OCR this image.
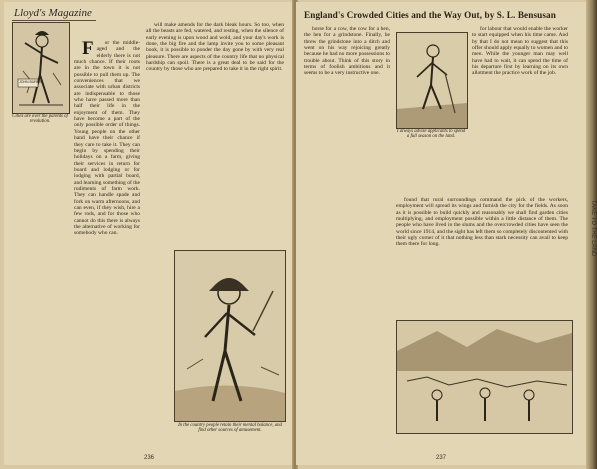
Lloyd's Magazine
JOHN BURNS
Cities are over the parents of revolution.

F or the middle-aged and the elderly there is not much chance. If their roots are in the town it is not possible to pull them up. The conveniences that we associate with urban districts are indispensable to those who have passed more than half their life in the enjoyment of them. They have become a part of the only possible order of things. Young people on the other hand have their chance if they care to take it. They can begin by spending their holidays on a farm, giving their services in return for board and lodging or for lodging with partial board, and learning something of the rudiments of farm work. They can handle spade and fork on warm afternoons, and can even, if they wish, hire a few rods, and for those who cannot do this there is always the alternative of working for somebody who can.

will make amends for the dark bleak hours. So too, when all the beasts are fed, watered, and resting, when the silence of early evening is upon wood and wold, and your day's work is done, the big fire and the lamp invite you to some pleasant book, it is possible to ponder the day gone by with very real pleasure. There are aspects of the country life that no physical hardship can spoil. There is a great deal to be said for the country by those who are prepared to take it in the right spirit.

In the country people retain their mental balance, and find other sources of amusement.
236
England's Crowded Cities and the Way Out, by S. L. Bensusan

horse for a cow, the cow for a hen, the hen for a grindstone. Finally, he threw the grindstone into a ditch and went on his way rejoicing greatly because he had no more possessions to trouble about. Think of this story in terms of foolish ambitions and it seems to be a very instructive one.

I always advise applicants to spend a full season on the land.

for labour that would enable the worker to start equipped when his time came. And by that I do not mean to suggest that this offer should apply equally to women and to men. While the younger man may well have had to wait, it can spend the time of his departure first by learning on its own allotment the practice work of the job.

found that rural surroundings command the pick of the workers, employment will spread its wings and furnish the city for the fields. As soon as it is possible to build quickly and reasonably we shall find garden cities multiplying, and employment possible within a little distance of them. The people who have lived in the slums and the overcrowded cities have seen the world since 1914, and the sight has left them so completely discontented with their ugly corner of it that nothing less than stark necessity can avail to keep them there for long.

237
TAKE TO THE LAND
